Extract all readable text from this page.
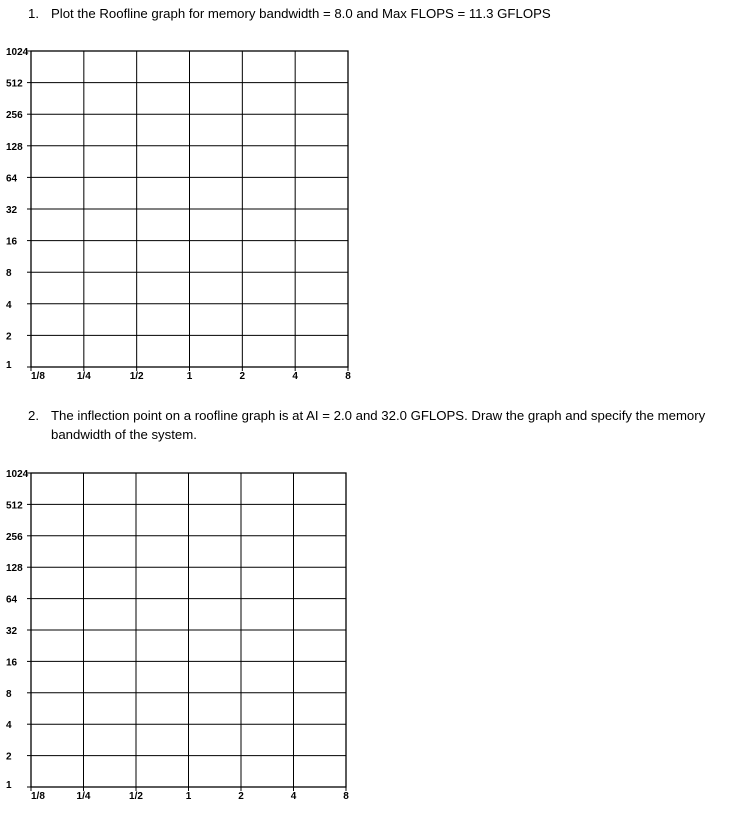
1. Plot the Roofline graph for memory bandwidth = 8.0 and Max FLOPS = 11.3 GFLOPS
1024
512
256
128
64
32
16
8
4
2
1
1/8	1/4	1/2	1	2	4	8
2. The inflection point on a roofline graph is at AI = 2.0 and 32.0 GFLOPS. Draw the graph and specify the memory bandwidth of the system.
1024
512
256
128
64
32
16
8
4
2
1
1/8	1/4	1/2	1	2	4	8
